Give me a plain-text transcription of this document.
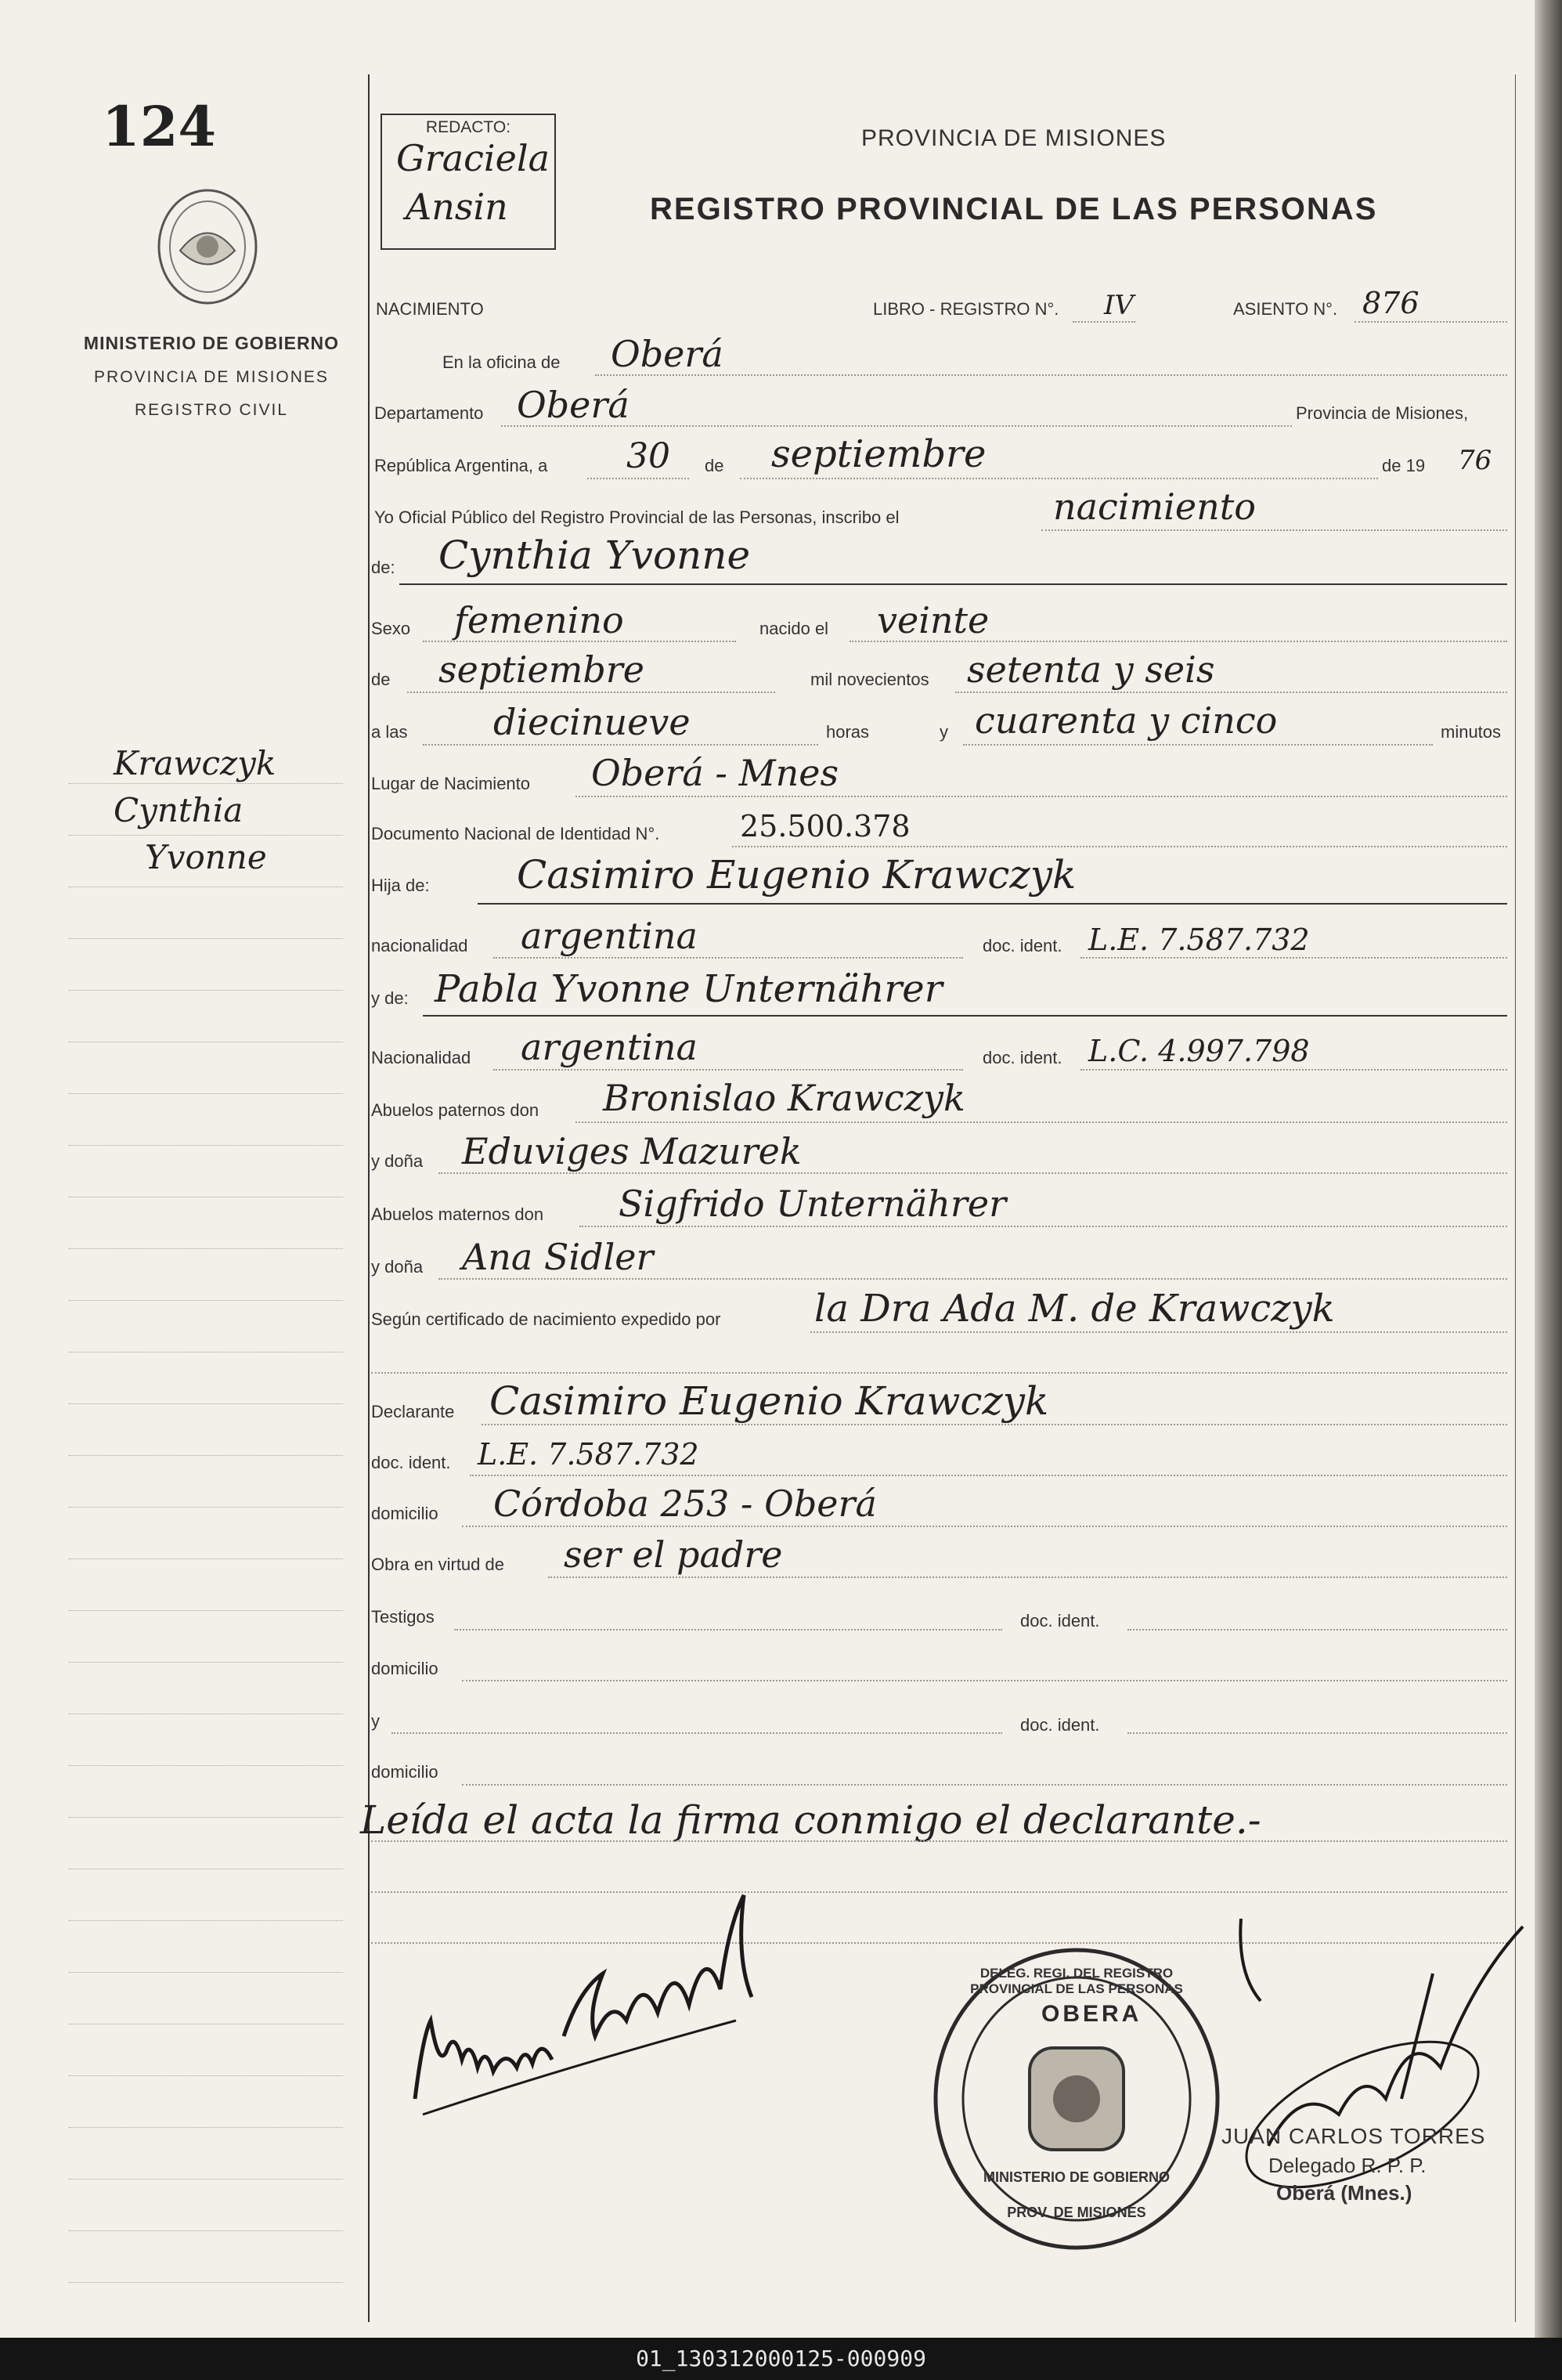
124
MINISTERIO DE GOBIERNO
PROVINCIA DE MISIONES
REGISTRO CIVIL
Krawczyk
Cynthia
Yvonne
REDACTO:
Graciela
Ansin
PROVINCIA DE MISIONES
REGISTRO PROVINCIAL DE LAS PERSONAS
NACIMIENTO	LIBRO - REGISTRO N°. IV	ASIENTO N°. 876
En la oficina de Oberá
Departamento Oberá	Provincia de Misiones,
República Argentina, a 30 de septiembre	de 19 76
Yo Oficial Público del Registro Provincial de las Personas, inscribo el	nacimiento
de: Cynthia Yvonne
Sexo femenino	nacido el veinte
de septiembre	mil novecientos setenta y seis
a las diecinueve	horas	y cuarenta y cinco	minutos
Lugar de Nacimiento Oberá - Mnes
Documento Nacional de Identidad N°.	25.500.378
Hija de: Casimiro Eugenio Krawczyk
nacionalidad argentina	doc. ident. L.E. 7.587.732
y de: Pabla Yvonne Unternährer
Nacionalidad argentina	doc. ident. L.C. 4.997.798
Abuelos paternos don Bronislao Krawczyk
y doña Eduviges Mazurek
Abuelos maternos don Sigfrido Unternährer
y doña Ana Sidler
Según certificado de nacimiento expedido por la Dra Ada M. de Krawczyk
Declarante Casimiro Eugenio Krawczyk
doc. ident. L.E. 7.587.732
domicilio Córdoba 253 - Oberá
Obra en virtud de ser el padre
Testigos	doc. ident.
domicilio
y	doc. ident.
domicilio
Leída el acta la firma conmigo el declarante.-
DELEG. REGI. DEL REGISTRO PROVINCIAL DE LAS PERSONAS
OBERA
MINISTERIO DE GOBIERNO
PROV. DE MISIONES
JUAN CARLOS TORRES
Delegado R. P. P.
Oberá (Mnes.)
01_130312000125-000909
